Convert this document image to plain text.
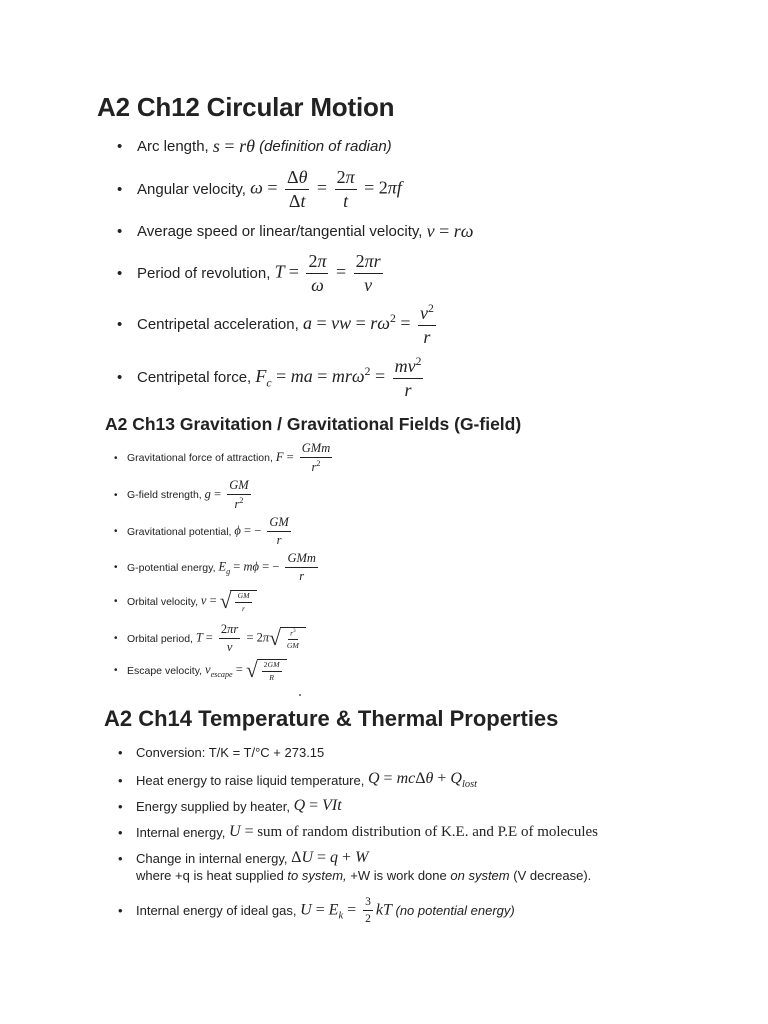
A2 Ch12 Circular Motion
• Arc length,
s = rθ
(definition of radian)
• Angular velocity,
$\omega = \frac{\Delta\theta}{\Delta t} = \frac{2\pi}{t} = 2\pi f$
• Average speed or linear/tangential velocity,
v = rω
• Period of revolution,
$T = \frac{2\pi}{\omega} = \frac{2\pi r}{v}$
• Centripetal acceleration,
a = vw = $r\omega^2 = \frac{v^2}{r}$
• Centripetal force,
$F_c$ = ma = $mr\omega^2 = \frac{mv^2}{r}$
A2 Ch13 Gravitation / Gravitational Fields (G-field)
• Gravitational force of attraction,
$F = \frac{\text{GMm}}{r^2}$
• G-field strength,
$g = \frac{GM}{r^2}$
• Gravitational potential,
ϕ = − $\frac{GM}{r}$
• G-potential energy,
$E_g = m\phi$ = − $\frac{\text{GMm}}{r}$
• Orbital velocity,
v = √ $\frac{GM}{r}$
• Orbital period,
$T = \frac{2\pi r}{v} = 2\pi$ √ $\frac{r^3}{GM}$
• Escape velocity,
$v_{escape}$ = √ $\frac{2GM}{R}$
A2 Ch14 Temperature & Thermal Properties
• Conversion: T/K = T/°C + 273.15
• Heat energy to raise liquid temperature,
$Q = mc\Delta\theta + Q_{lost}$
• Energy supplied by heater,
Q = VIt
• Internal energy,
U =
sum of random distribution of K.E. and P.E of molecules
• Change in internal energy,
ΔU = q + W
• Internal energy of ideal gas,
$U = E_k = \frac{3}{2}$ kT
(no potential energy)
where +q is heat supplied to system, +W is work done on system (V decrease).
